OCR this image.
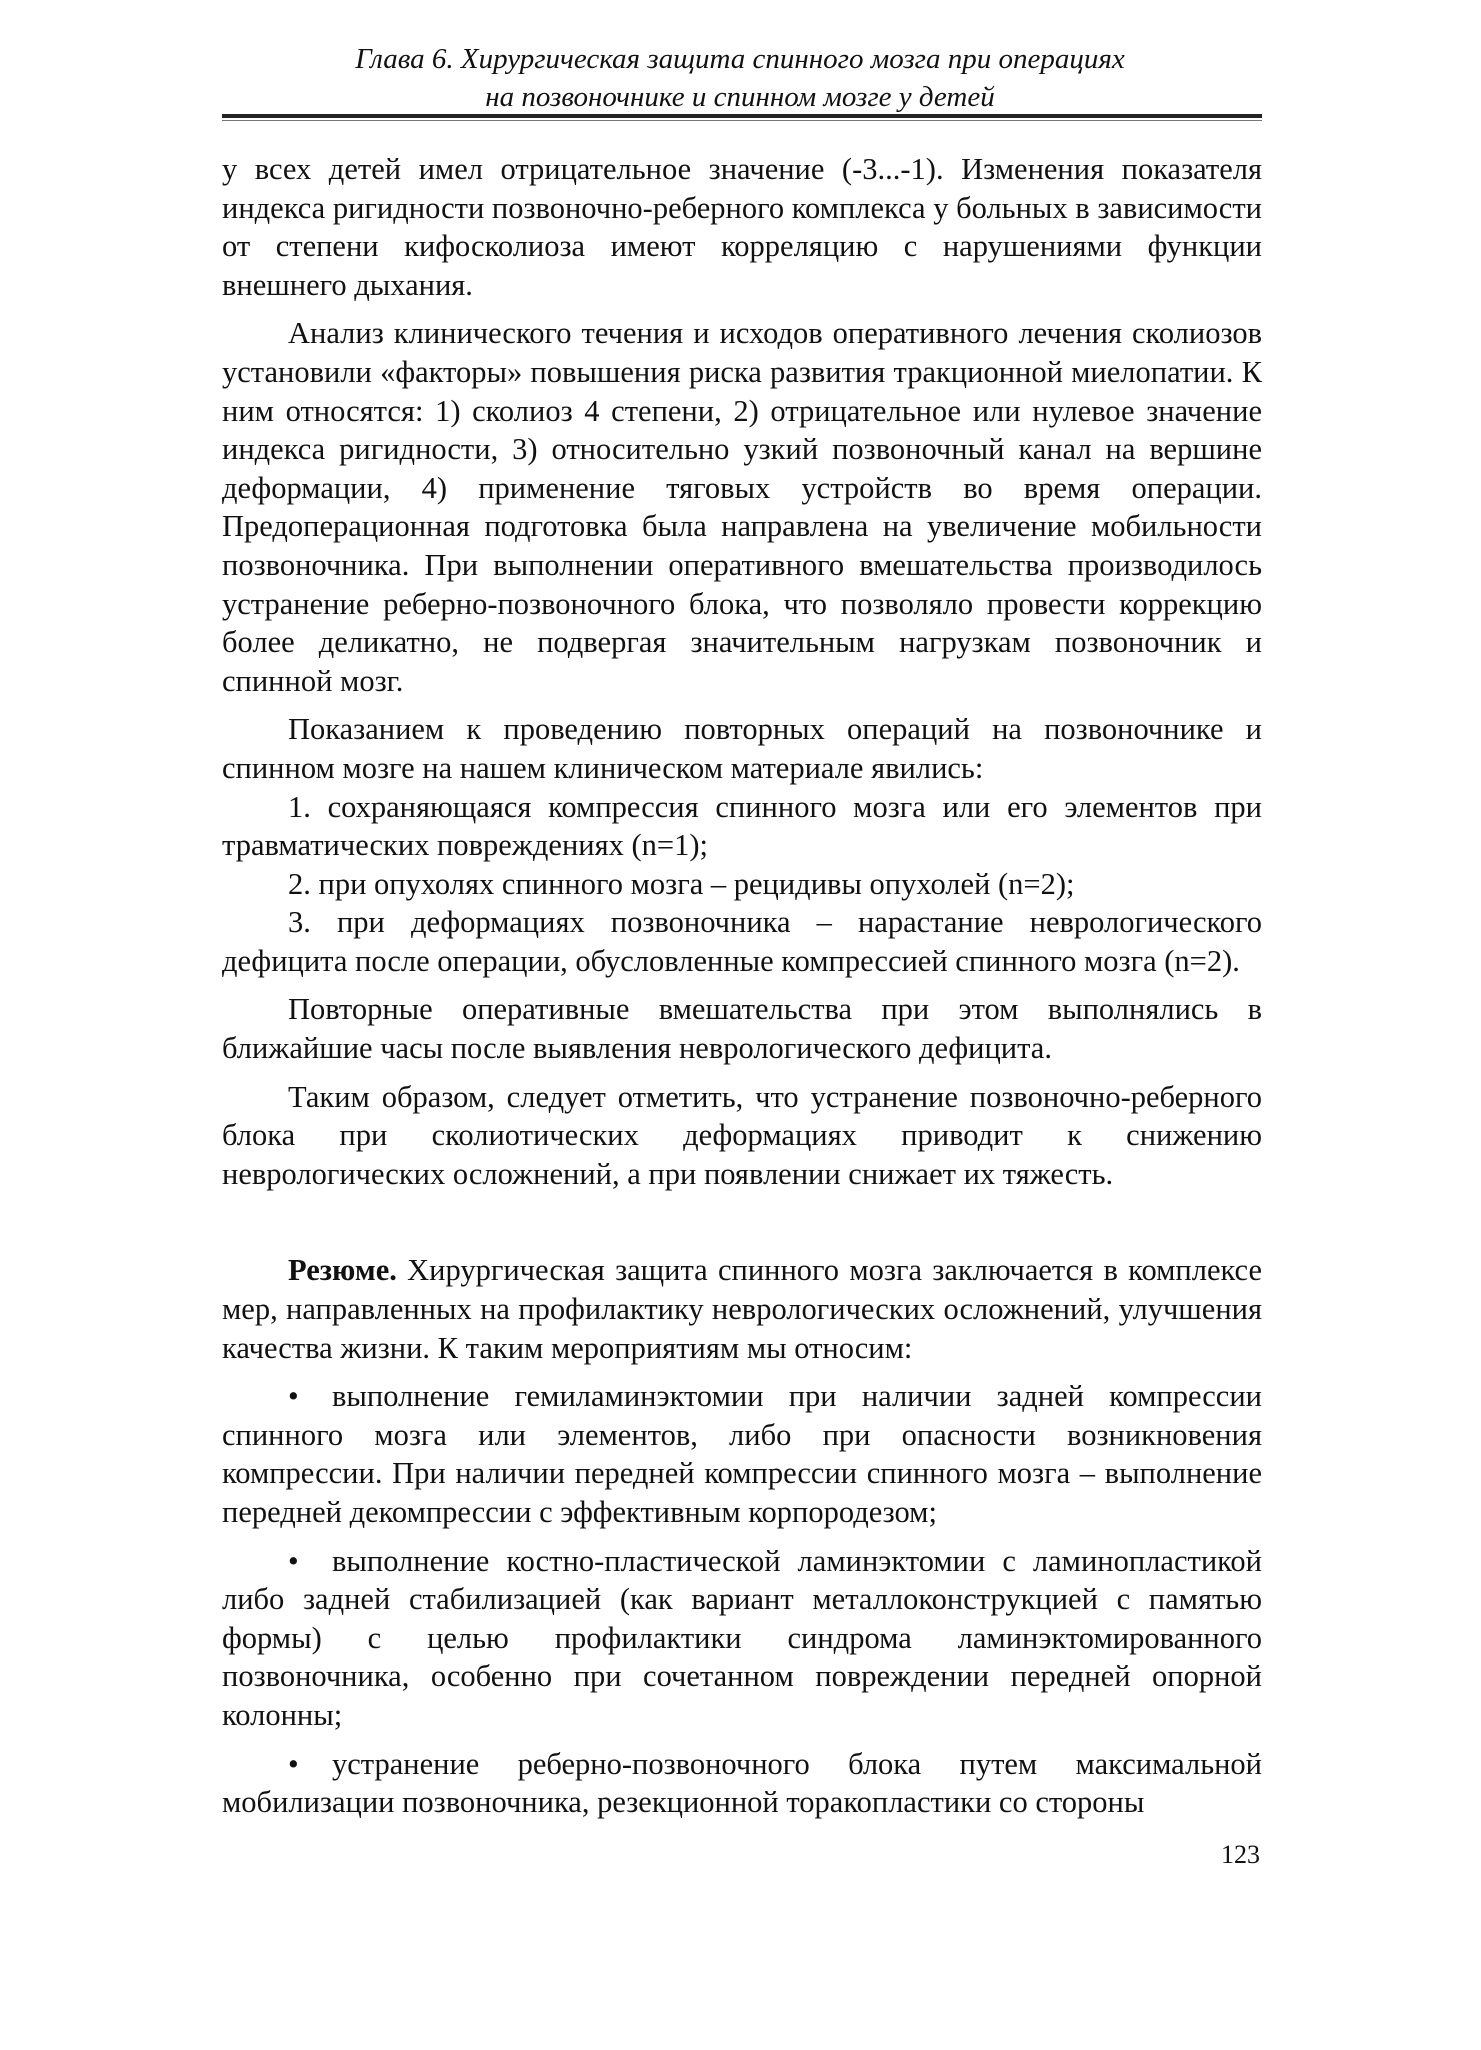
Глава 6. Хирургическая защита спинного мозга при операциях
на позвоночнике и спинном мозге у детей

у всех детей имел отрицательное значение (-3...-1). Изменения показателя индекса ригидности позвоночно-реберного комплекса у больных в зависимости от степени кифосколиоза имеют корреляцию с нарушениями функции внешнего дыхания.

Анализ клинического течения и исходов оперативного лечения сколиозов установили «факторы» повышения риска развития тракционной миелопатии. К ним относятся: 1) сколиоз 4 степени, 2) отрицательное или нулевое значение индекса ригидности, 3) относительно узкий позвоночный канал на вершине деформации, 4) применение тяговых устройств во время операции. Предоперационная подготовка была направлена на увеличение мобильности позвоночника. При выполнении оперативного вмешательства производилось устранение реберно-позвоночного блока, что позволяло провести коррекцию более деликатно, не подвергая значительным нагрузкам позвоночник и спинной мозг.

Показанием к проведению повторных операций на позвоночнике и спинном мозге на нашем клиническом материале явились:

1. сохраняющаяся компрессия спинного мозга или его элементов при травматических повреждениях (n=1);

2. при опухолях спинного мозга – рецидивы опухолей (n=2);

3. при деформациях позвоночника – нарастание неврологического дефицита после операции, обусловленные компрессией спинного мозга (n=2).

Повторные оперативные вмешательства при этом выполнялись в ближайшие часы после выявления неврологического дефицита.

Таким образом, следует отметить, что устранение позвоночно-реберного блока при сколиотических деформациях приводит к снижению неврологических осложнений, а при появлении снижает их тяжесть.

Резюме. Хирургическая защита спинного мозга заключается в комплексе мер, направленных на профилактику неврологических осложнений, улучшения качества жизни. К таким мероприятиям мы относим:

• выполнение гемиламинэктомии при наличии задней компрессии спинного мозга или элементов, либо при опасности возникновения компрессии. При наличии передней компрессии спинного мозга – выполнение передней декомпрессии с эффективным корпородезом;

• выполнение костно-пластической ламинэктомии с ламинопластикой либо задней стабилизацией (как вариант металлоконструкцией с памятью формы) с целью профилактики синдрома ламинэктомированного позвоночника, особенно при сочетанном повреждении передней опорной колонны;

• устранение реберно-позвоночного блока путем максимальной мобилизации позвоночника, резекционной торакопластики со стороны

123
